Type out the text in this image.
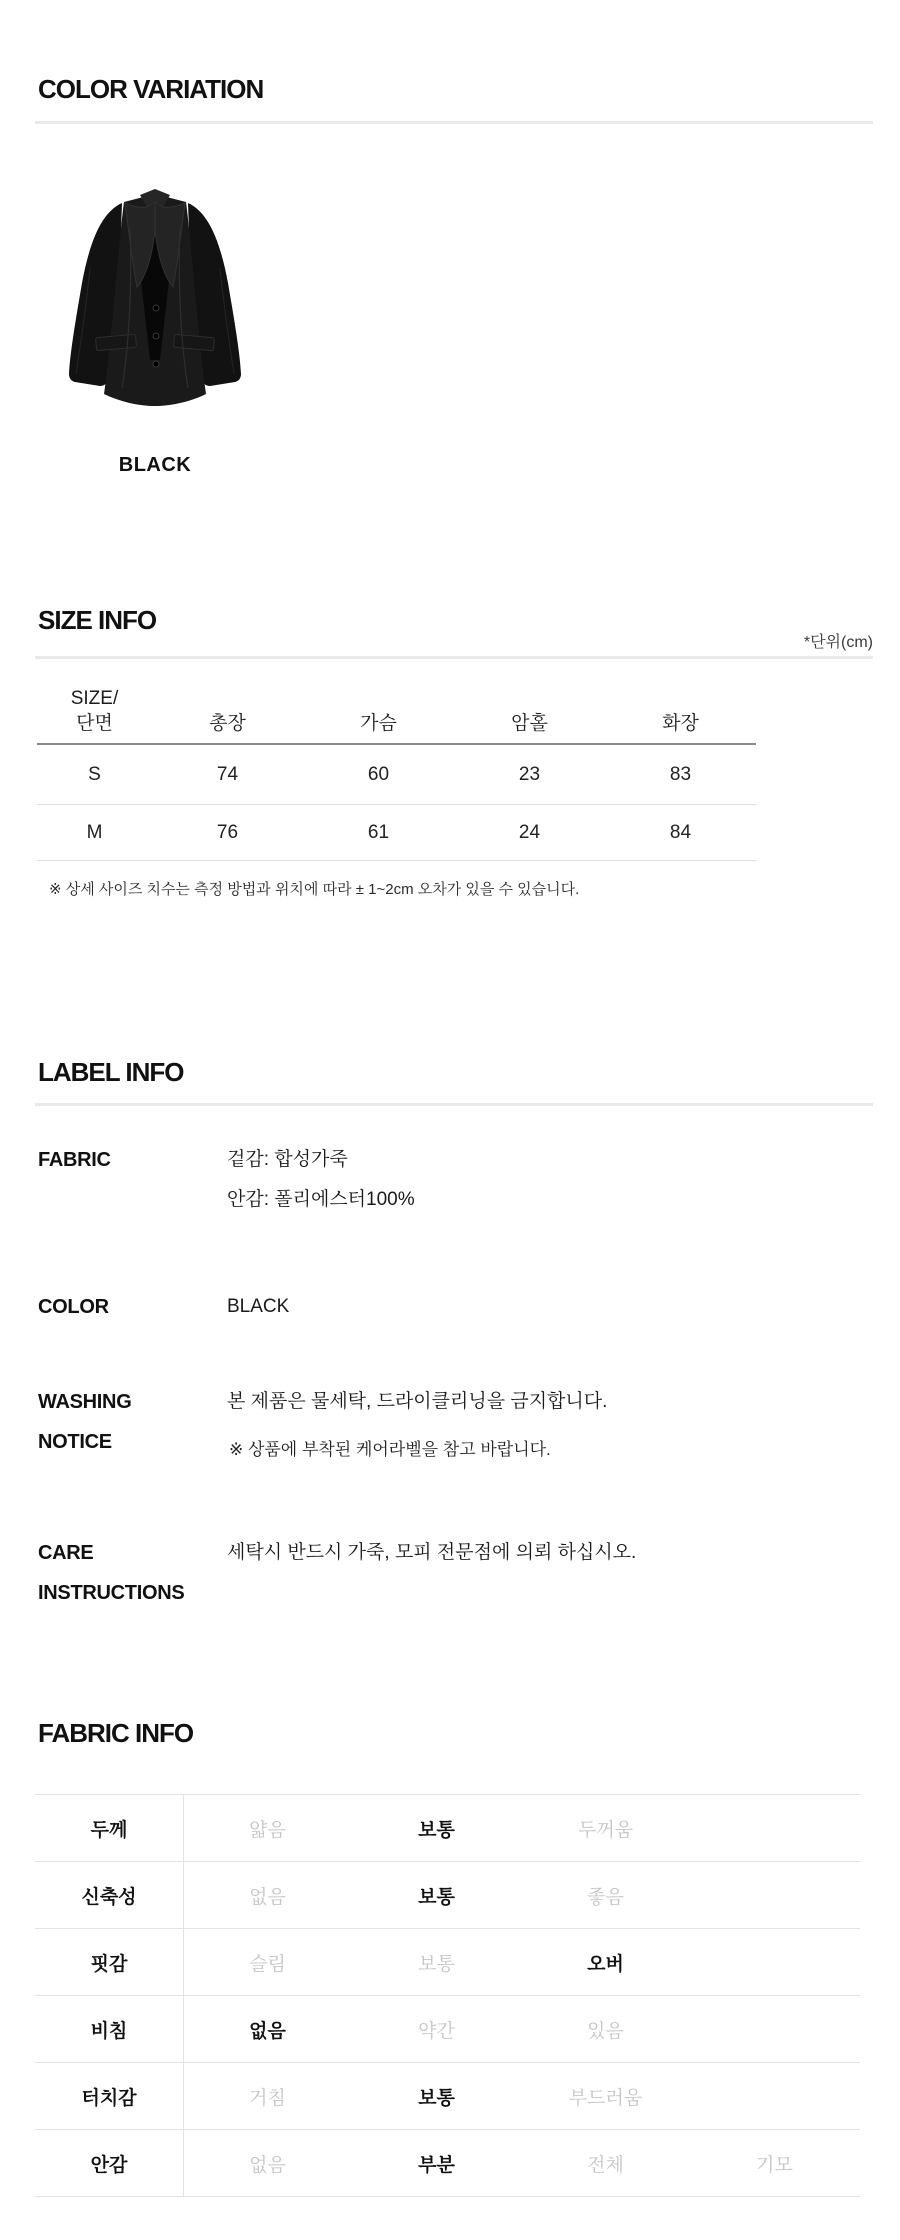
COLOR VARIATION
BLACK
SIZE INFO
*단위(cm)
SIZE/
단면	총장	가슴	암홀	화장
S	74	60	23	83
M	76	61	24	84
※ 상세 사이즈 치수는 측정 방법과 위치에 따라 ± 1~2cm 오차가 있을 수 있습니다.
LABEL INFO
FABRIC	겉감: 합성가죽
안감: 폴리에스터100%
COLOR	BLACK
WASHING
NOTICE
본 제품은 물세탁, 드라이클리닝을 금지합니다.
※ 상품에 부착된 케어라벨을 참고 바랍니다.
CARE
INSTRUCTIONS
세탁시 반드시 가죽, 모피 전문점에 의뢰 하십시오.
FABRIC INFO
두께	얇음	보통	두꺼움
신축성	없음	보통	좋음
핏감	슬림	보통	오버
비침	없음	약간	있음
터치감	거침	보통	부드러움
안감	없음	부분	전체	기모
